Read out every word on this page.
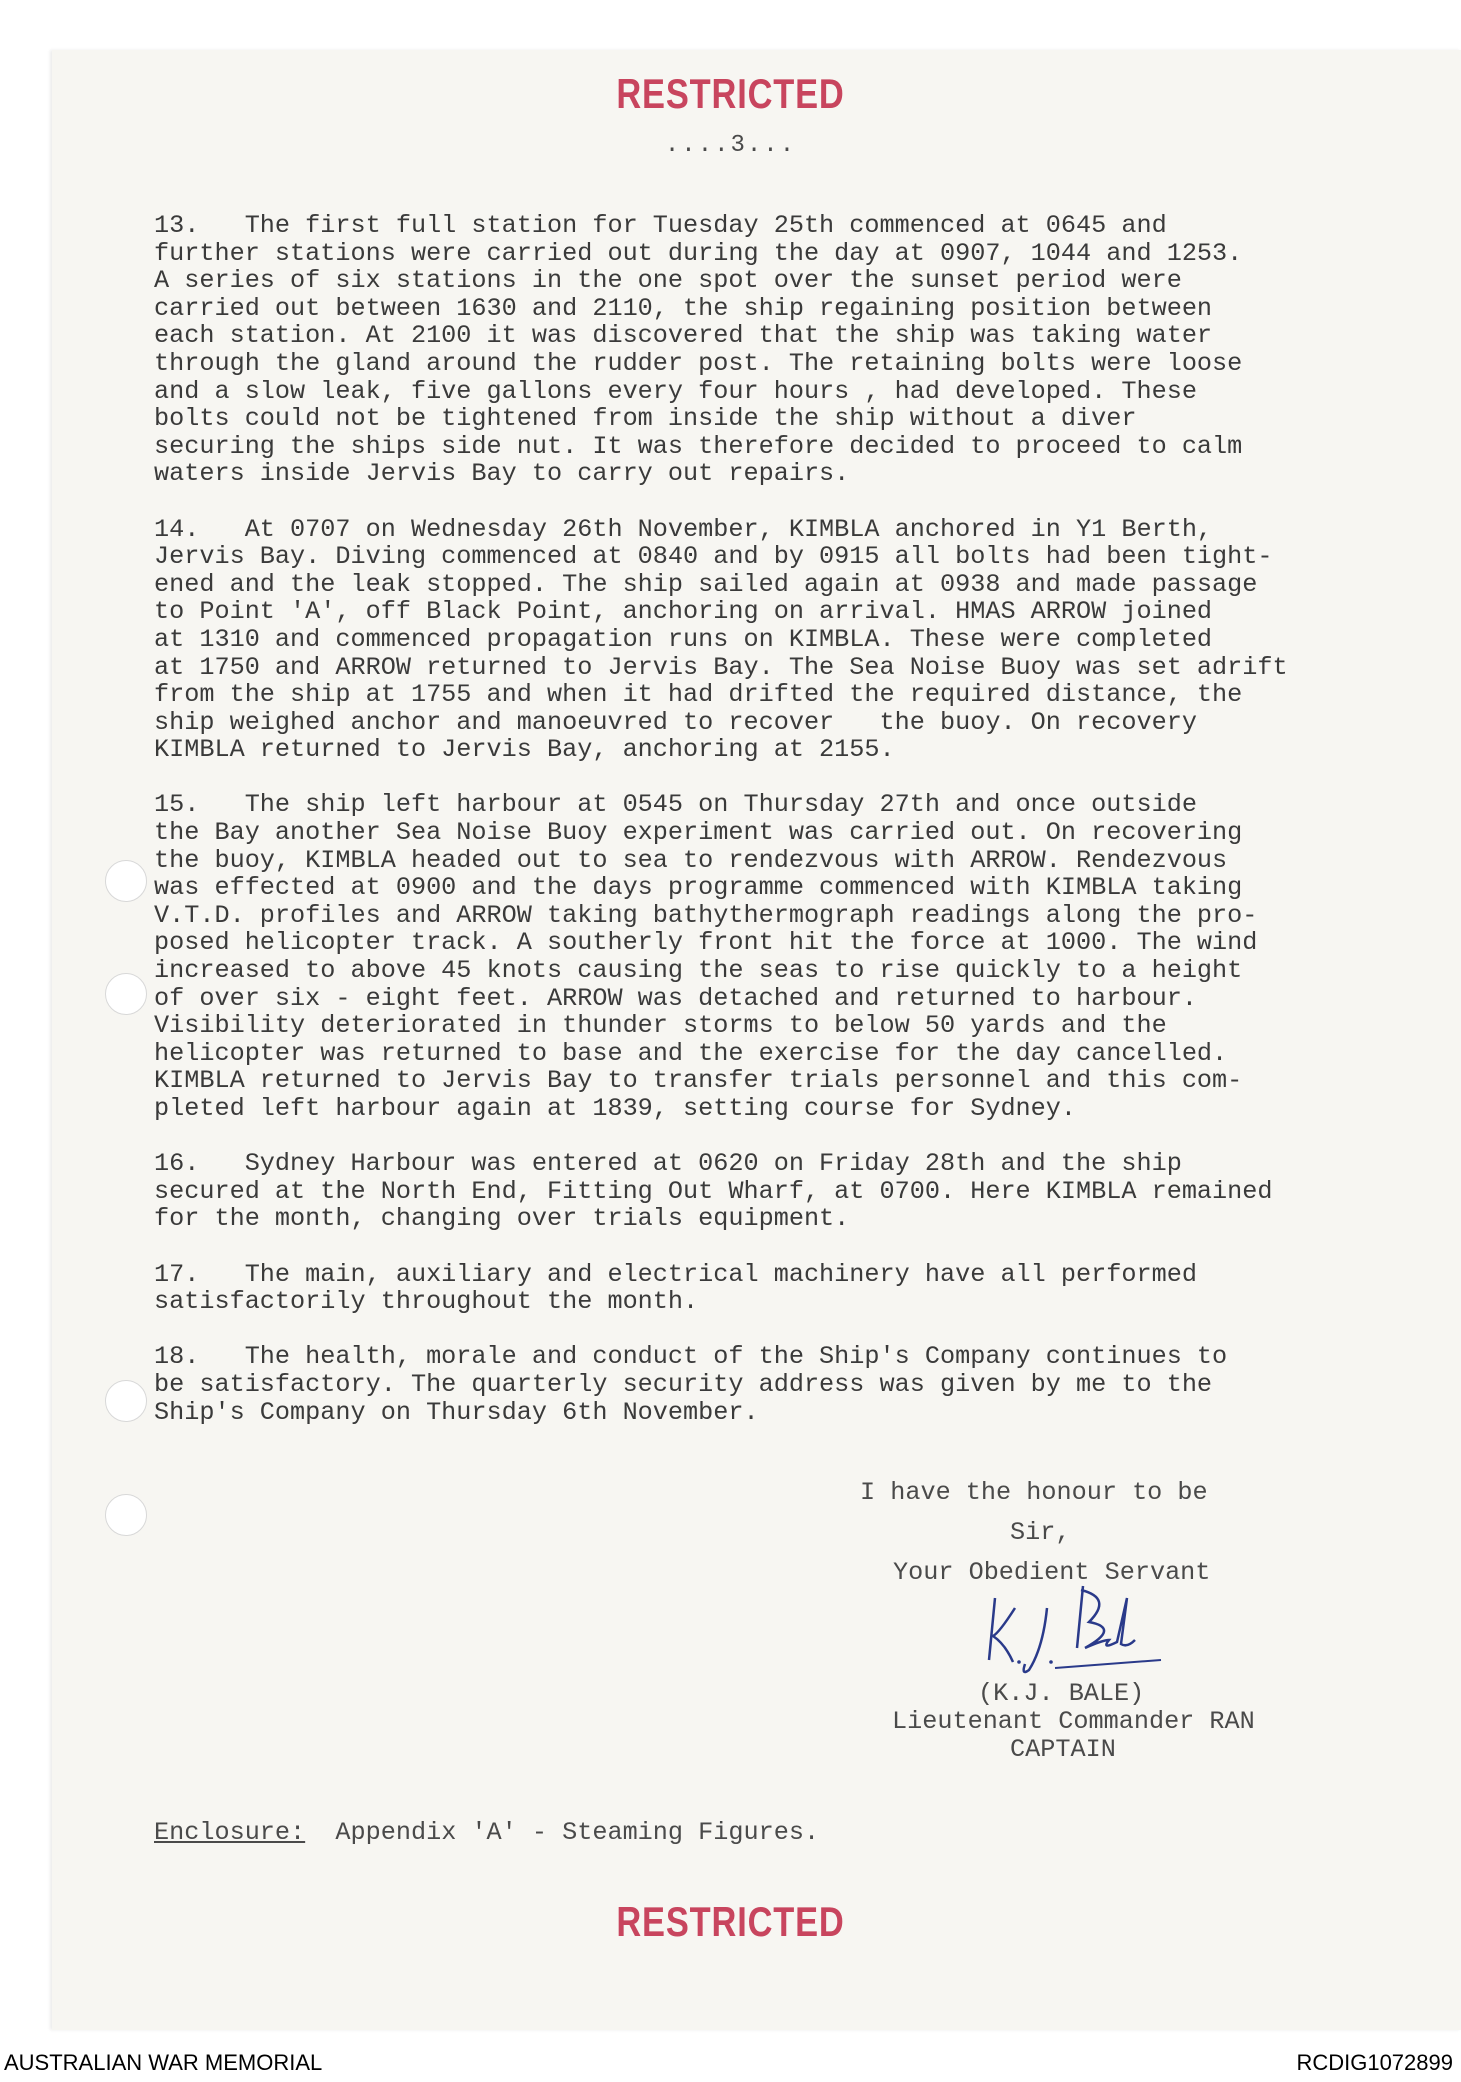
RESTRICTED
....3...
13.   The first full station for Tuesday 25th commenced at 0645 and
further stations were carried out during the day at 0907, 1044 and 1253.
A series of six stations in the one spot over the sunset period were
carried out between 1630 and 2110, the ship regaining position between
each station. At 2100 it was discovered that the ship was taking water
through the gland around the rudder post. The retaining bolts were loose
and a slow leak, five gallons every four hours , had developed. These
bolts could not be tightened from inside the ship without a diver
securing the ships side nut. It was therefore decided to proceed to calm
waters inside Jervis Bay to carry out repairs.
14.   At 0707 on Wednesday 26th November, KIMBLA anchored in Y1 Berth,
Jervis Bay. Diving commenced at 0840 and by 0915 all bolts had been tight-
ened and the leak stopped. The ship sailed again at 0938 and made passage
to Point 'A', off Black Point, anchoring on arrival. HMAS ARROW joined
at 1310 and commenced propagation runs on KIMBLA. These were completed
at 1750 and ARROW returned to Jervis Bay. The Sea Noise Buoy was set adrift
from the ship at 1755 and when it had drifted the required distance, the
ship weighed anchor and manoeuvred to recover   the buoy. On recovery
KIMBLA returned to Jervis Bay, anchoring at 2155.
15.   The ship left harbour at 0545 on Thursday 27th and once outside
the Bay another Sea Noise Buoy experiment was carried out. On recovering
the buoy, KIMBLA headed out to sea to rendezvous with ARROW. Rendezvous
was effected at 0900 and the days programme commenced with KIMBLA taking
V.T.D. profiles and ARROW taking bathythermograph readings along the pro-
posed helicopter track. A southerly front hit the force at 1000. The wind
increased to above 45 knots causing the seas to rise quickly to a height
of over six - eight feet. ARROW was detached and returned to harbour.
Visibility deteriorated in thunder storms to below 50 yards and the
helicopter was returned to base and the exercise for the day cancelled.
KIMBLA returned to Jervis Bay to transfer trials personnel and this com-
pleted left harbour again at 1839, setting course for Sydney.
16.   Sydney Harbour was entered at 0620 on Friday 28th and the ship
secured at the North End, Fitting Out Wharf, at 0700. Here KIMBLA remained
for the month, changing over trials equipment.
17.   The main, auxiliary and electrical machinery have all performed
satisfactorily throughout the month.
18.   The health, morale and conduct of the Ship's Company continues to
be satisfactory. The quarterly security address was given by me to the
Ship's Company on Thursday 6th November.
I have the honour to be
Sir,
Your Obedient Servant
(K.J. BALE)
Lieutenant Commander RAN
CAPTAIN
Enclosure:  Appendix 'A' - Steaming Figures.
RESTRICTED
AUSTRALIAN WAR MEMORIAL	RCDIG1072899
